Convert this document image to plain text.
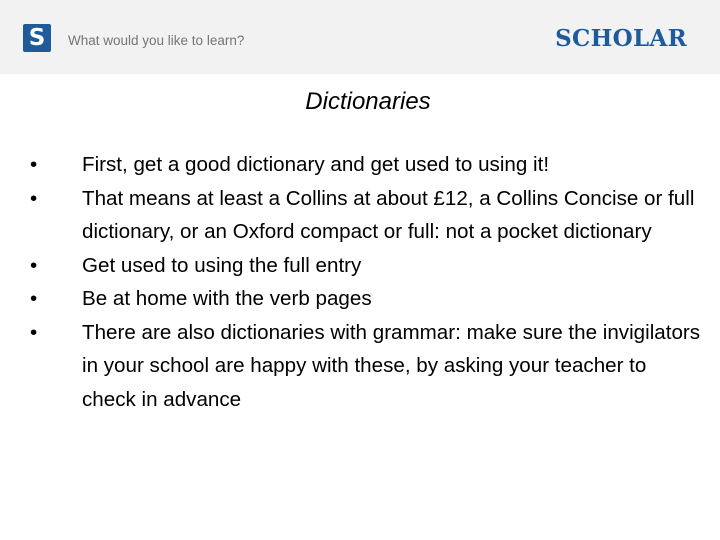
S
What would you like to learn?	SCHOLAR
Dictionaries
•	First, get a good dictionary and get used to using it!
•	That means at least a Collins at about £12, a Collins Concise or full dictionary, or an Oxford compact or full: not a pocket dictionary
•	Get used to using the full entry
•	Be at home with the verb pages
•	There are also dictionaries with grammar: make sure the invigilators in your school are happy with these, by asking your teacher to check in advance
